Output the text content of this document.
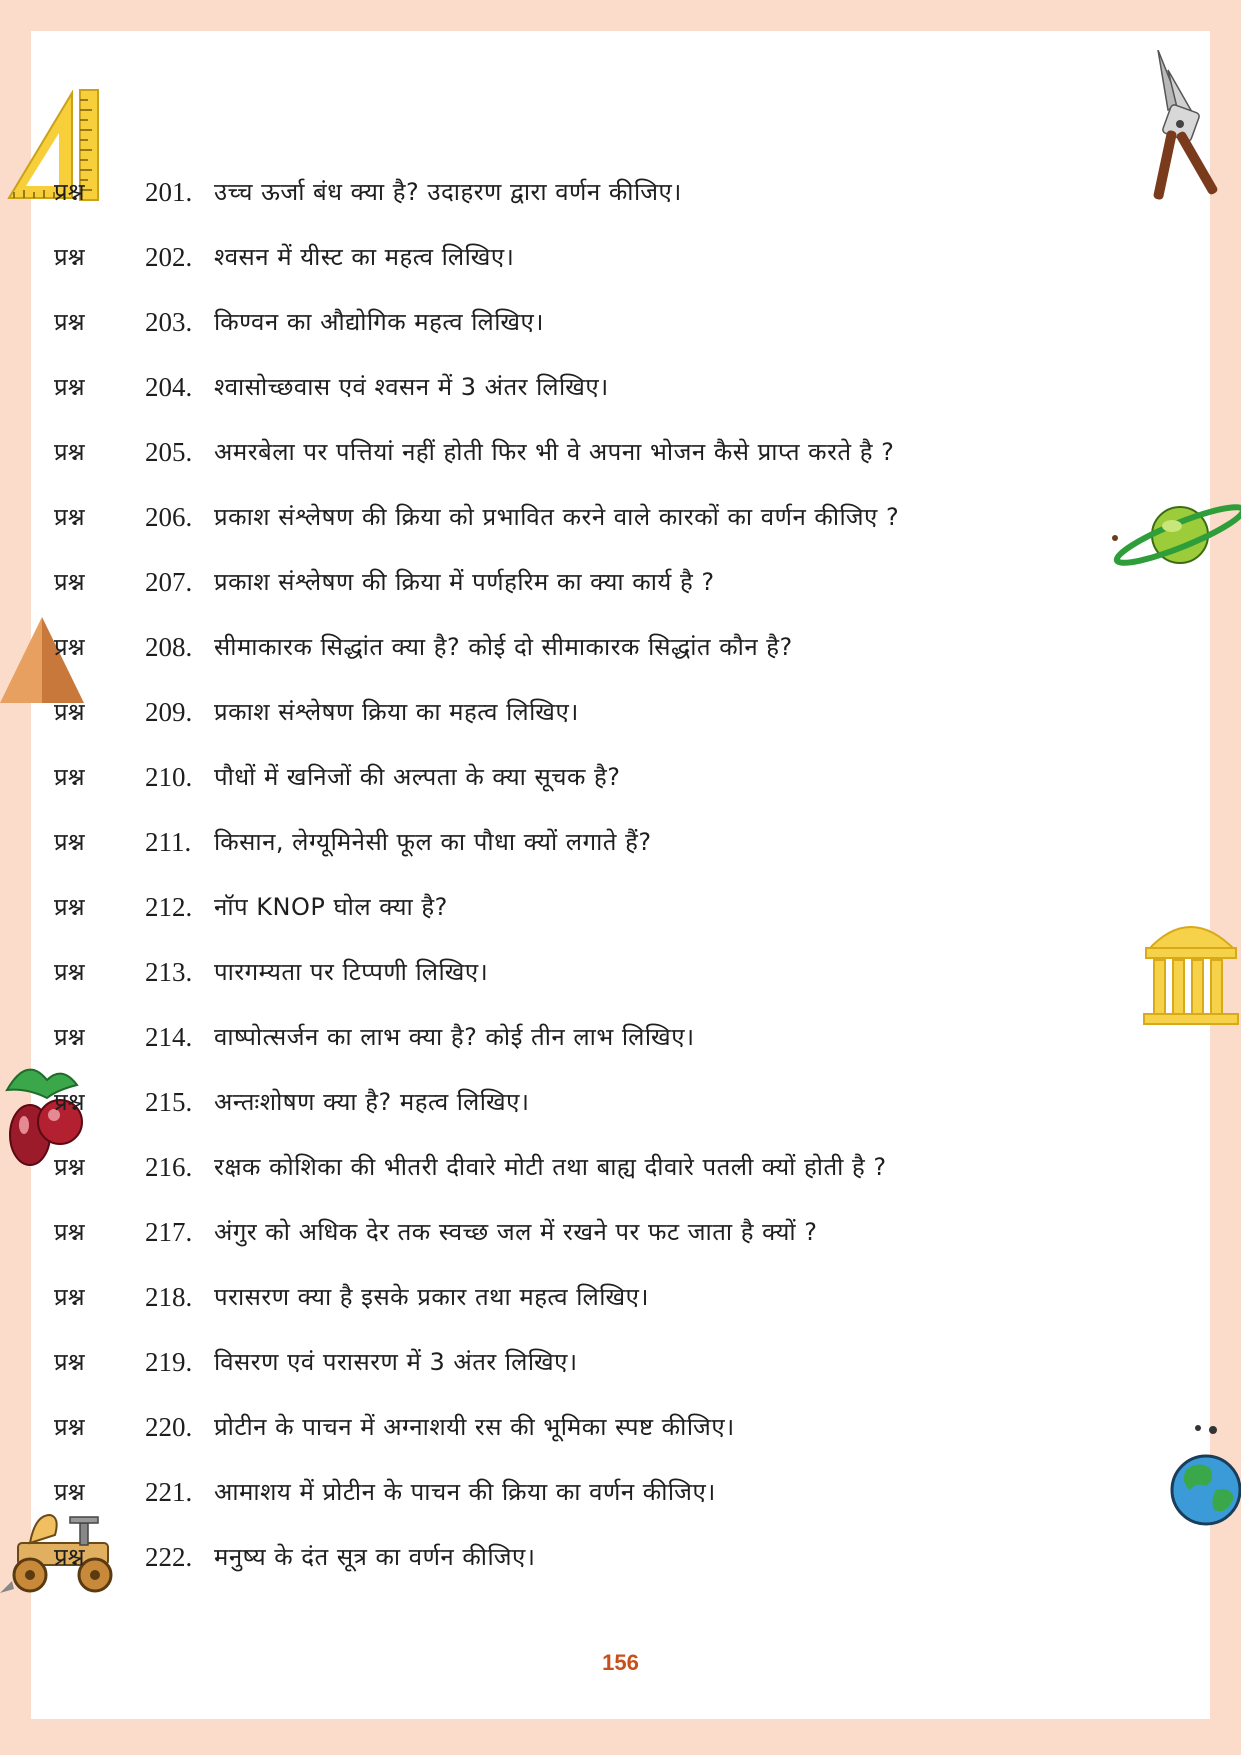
प्रश्न 201. उच्च ऊर्जा बंध क्या है? उदाहरण द्वारा वर्णन कीजिए।
प्रश्न 202. श्वसन में यीस्ट का महत्व लिखिए।
प्रश्न 203. किण्वन का औद्योगिक महत्व लिखिए।
प्रश्न 204. श्वासोच्छवास एवं श्वसन में 3 अंतर लिखिए।
प्रश्न 205. अमरबेला पर पत्तियां नहीं होती फिर भी वे अपना भोजन कैसे प्राप्त करते है ?
प्रश्न 206. प्रकाश संश्लेषण की क्रिया को प्रभावित करने वाले कारकों का वर्णन कीजिए ?
प्रश्न 207. प्रकाश संश्लेषण की क्रिया में पर्णहरिम का क्या कार्य है ?
प्रश्न 208. सीमाकारक सिद्धांत क्या है? कोई दो सीमाकारक सिद्धांत कौन है?
प्रश्न 209. प्रकाश संश्लेषण क्रिया का महत्व लिखिए।
प्रश्न 210. पौधों में खनिजों की अल्पता के क्या सूचक है?
प्रश्न 211. किसान, लेग्यूमिनेसी फूल का पौधा क्यों लगाते हैं?
प्रश्न 212. नॉप KNOP घोल क्या है?
प्रश्न 213. पारगम्यता पर टिप्पणी लिखिए।
प्रश्न 214. वाष्पोत्सर्जन का लाभ क्या है? कोई तीन लाभ लिखिए।
प्रश्न 215. अन्तःशोषण क्या है? महत्व लिखिए।
प्रश्न 216. रक्षक कोशिका की भीतरी दीवारे मोटी तथा बाह्य दीवारे पतली क्यों होती है ?
प्रश्न 217. अंगुर को अधिक देर तक स्वच्छ जल में रखने पर फट जाता है क्यों ?
प्रश्न 218. परासरण क्या है इसके प्रकार तथा महत्व लिखिए।
प्रश्न 219. विसरण एवं परासरण में 3 अंतर लिखिए।
प्रश्न 220. प्रोटीन के पाचन में अग्नाशयी रस की भूमिका स्पष्ट कीजिए।
प्रश्न 221. आमाशय में प्रोटीन के पाचन की क्रिया का वर्णन कीजिए।
प्रश्न 222. मनुष्य के दंत सूत्र का वर्णन कीजिए।
156
